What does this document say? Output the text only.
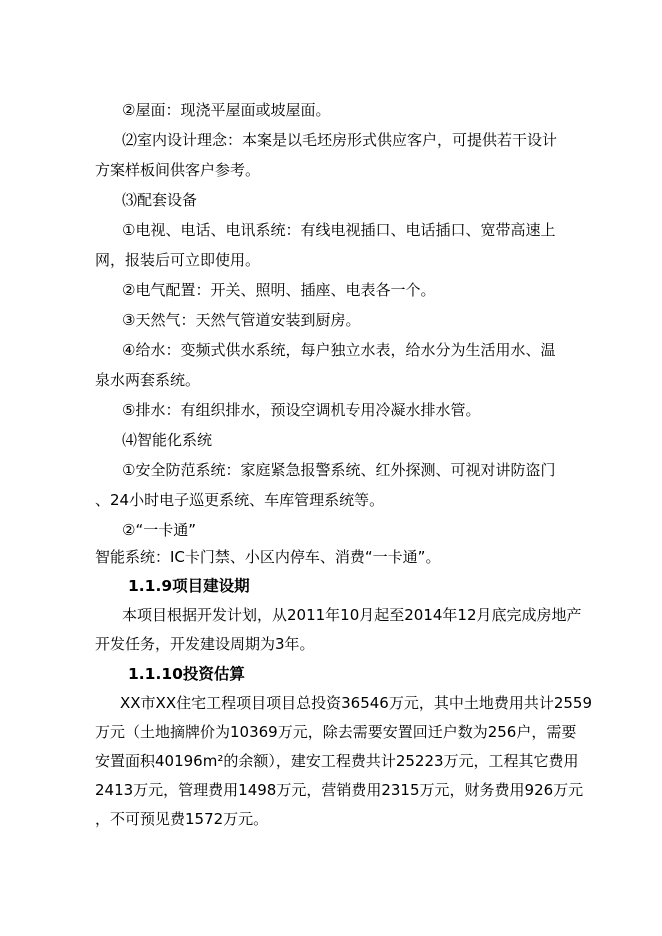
②屋面：现浇平屋面或坡屋面。
⑵室内设计理念：本案是以毛坯房形式供应客户，可提供若干设计
方案样板间供客户参考。
⑶配套设备
①电视、电话、电讯系统：有线电视插口、电话插口、宽带高速上
网，报装后可立即使用。
②电气配置：开关、照明、插座、电表各一个。
③天然气：天然气管道安装到厨房。
④给水：变频式供水系统，每户独立水表，给水分为生活用水、温
泉水两套系统。
⑤排水：有组织排水，预设空调机专用冷凝水排水管。
⑷智能化系统
①安全防范系统：家庭紧急报警系统、红外探测、可视对讲防盗门
、24小时电子巡更系统、车库管理系统等。
②“一卡通”
智能系统：IC卡门禁、小区内停车、消费“一卡通”。
1.1.9项目建设期
本项目根据开发计划，从2011年10月起至2014年12月底完成房地产
开发任务，开发建设周期为3年。
1.1.10投资估算
XX市XX住宅工程项目项目总投资36546万元，其中土地费用共计2559
万元（土地摘牌价为10369万元，除去需要安置回迁户数为256户，需要
安置面积40196m²的余额），建安工程费共计25223万元，工程其它费用
2413万元，管理费用1498万元，营销费用2315万元，财务费用926万元
，不可预见费1572万元。
